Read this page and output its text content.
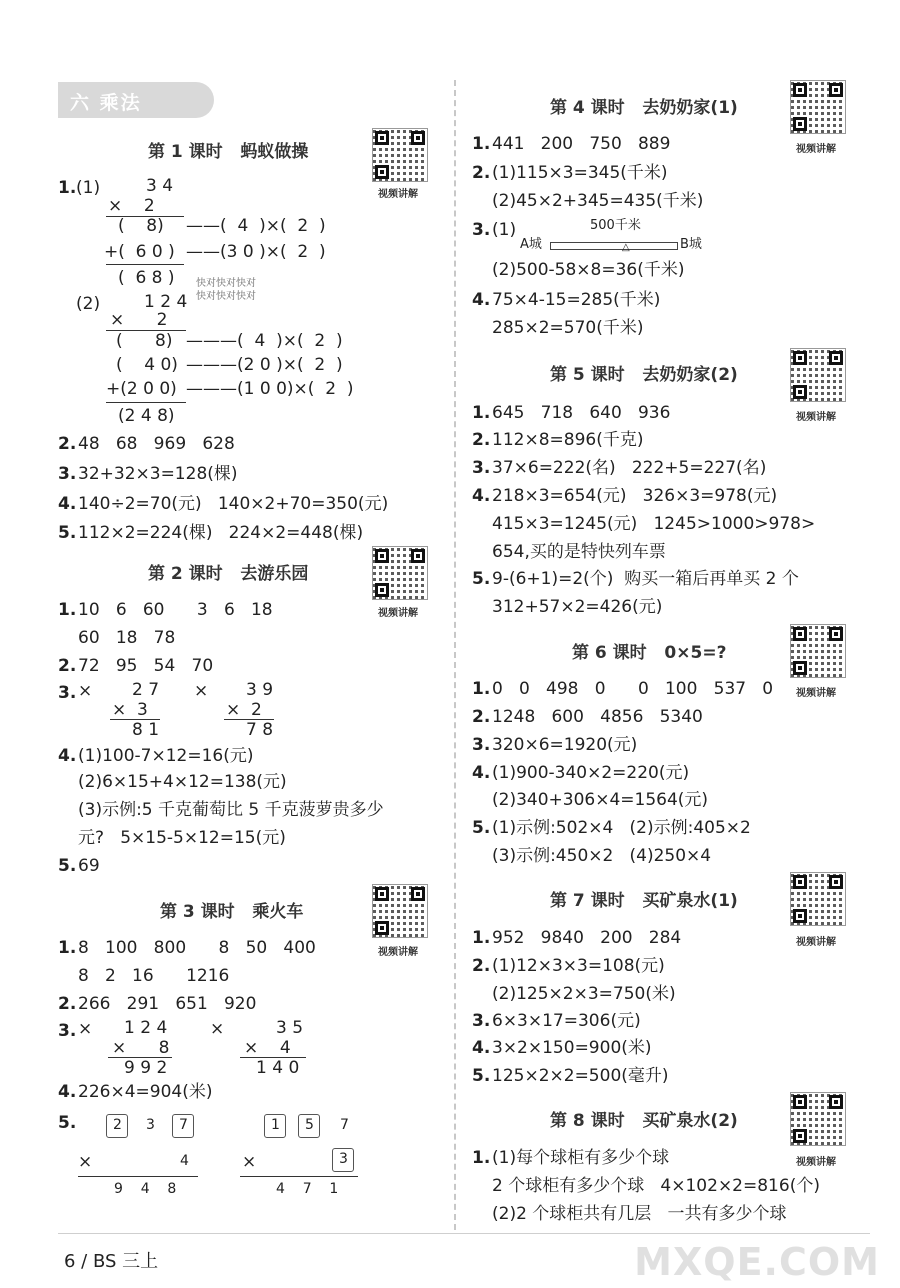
六 乘法
第 1 课时   蚂蚁做操
视频讲解
1. (1)	3 4
×    2
(    8) ——(  4  )×(  2  )
+(  6 0 ) ——(3 0 )×(  2  )
(  6 8 ) 快对快对快对
快对快对快对
(2)	1 2 4
×      2
(      8) ———(  4  )×(  2  )
(    4 0) ———(2 0 )×(  2  )
+(2 0 0) ———(1 0 0)×(  2  )
(2 4 8)
2. 48   68   969   628
3. 32+32×3=128(棵)
4. 140÷2=70(元)   140×2+70=350(元)
5. 112×2=224(棵)   224×2=448(棵)
第 2 课时   去游乐园
视频讲解
1. 10   6   60      3   6   18
60   18   78
2. 72   95   54   70
3. × 2 7
×  3
8 1
× 3 9
×  2
7 8
4. (1)100-7×12=16(元)
(2)6×15+4×12=138(元)
(3)示例:5 千克葡萄比 5 千克菠萝贵多少
元?   5×15-5×12=15(元)
5. 69
第 3 课时   乘火车
视频讲解
1. 8   100   800      8   50   400
8   2   16      1216
2. 266   291   651   920
3. × 1 2 4
×      8
9 9 2
×	3 5
×    4
1 4 0
4. 226×4=904(米)
5.	2 3 7
×	4
9    4    8
1 5 7
×	3
4    7    1
第 4 课时   去奶奶家(1)
视频讲解
1. 441   200   750   889
2. (1)115×3=345(千米)
(2)45×2+345=435(千米)
3. (1)	500千米
A城	△	B城
(2)500-58×8=36(千米)
4. 75×4-15=285(千米)
285×2=570(千米)
第 5 课时   去奶奶家(2)
视频讲解
1. 645   718   640   936
2. 112×8=896(千克)
3. 37×6=222(名)   222+5=227(名)
4. 218×3=654(元)   326×3=978(元)
415×3=1245(元)   1245>1000>978>
654,买的是特快列车票
5. 9-(6+1)=2(个)  购买一箱后再单买 2 个
312+57×2=426(元)
第 6 课时   0×5=?
视频讲解
1. 0   0   498   0      0   100   537   0
2. 1248   600   4856   5340
3. 320×6=1920(元)
4. (1)900-340×2=220(元)
(2)340+306×4=1564(元)
5. (1)示例:502×4   (2)示例:405×2
(3)示例:450×2   (4)250×4
第 7 课时   买矿泉水(1)
视频讲解
1. 952   9840   200   284
2. (1)12×3×3=108(元)
(2)125×2×3=750(米)
3. 6×3×17=306(元)
4. 3×2×150=900(米)
5. 125×2×2=500(毫升)
第 8 课时   买矿泉水(2)
视频讲解
1. (1)每个球柜有多少个球
2 个球柜有多少个球   4×102×2=816(个)
(2)2 个球柜共有几层   一共有多少个球
6 / BS 三上	MXQE.COM
